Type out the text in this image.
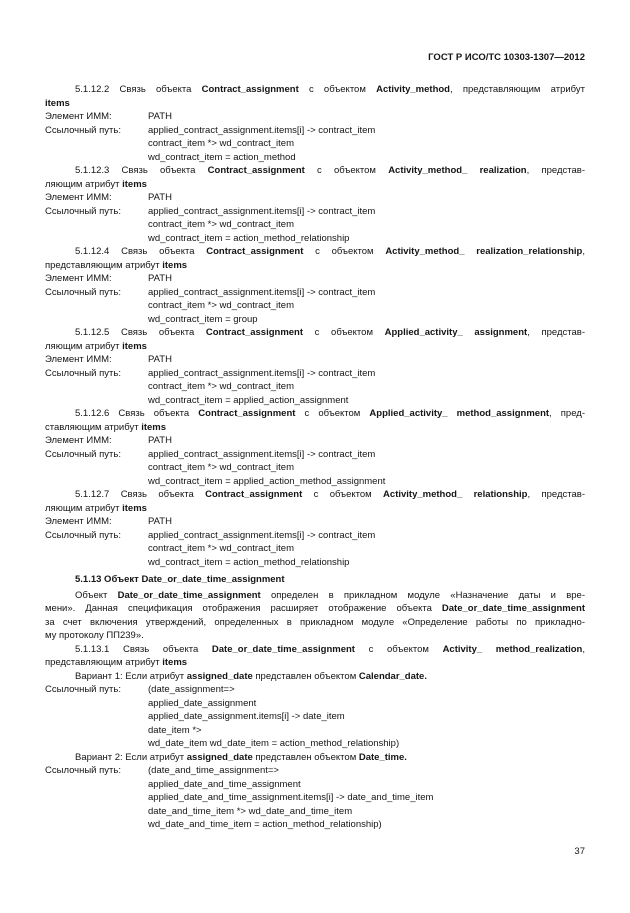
ГОСТ Р ИСО/ТС 10303-1307—2012
5.1.12.2 Связь объекта Contract_assignment с объектом Activity_method, представляющим атрибут
items
Элемент ИММ:	PATH
Ссылочный путь:	applied_contract_assignment.items[i] -> contract_item
contract_item *> wd_contract_item
wd_contract_item = action_method
5.1.12.3 Связь объекта Contract_assignment с объектом Activity_method_ realization, представ-
ляющим атрибут items
Элемент ИММ:	PATH
Ссылочный путь:	applied_contract_assignment.items[i] -> contract_item
contract_item *> wd_contract_item
wd_contract_item = action_method_relationship
5.1.12.4 Связь объекта Contract_assignment с объектом Activity_method_ realization_relationship,
представляющим атрибут items
Элемент ИММ:	PATH
Ссылочный путь:	applied_contract_assignment.items[i] -> contract_item
contract_item *> wd_contract_item
wd_contract_item = group
5.1.12.5 Связь объекта Contract_assignment с объектом Applied_activity_ assignment, представ-
ляющим атрибут items
Элемент ИММ:	PATH
Ссылочный путь:	applied_contract_assignment.items[i] -> contract_item
contract_item *> wd_contract_item
wd_contract_item = applied_action_assignment
5.1.12.6 Связь объекта Contract_assignment с объектом Applied_activity_ method_assignment, пред-
ставляющим атрибут items
Элемент ИММ:	PATH
Ссылочный путь:	applied_contract_assignment.items[i] -> contract_item
contract_item *> wd_contract_item
wd_contract_item = applied_action_method_assignment
5.1.12.7 Связь объекта Contract_assignment с объектом Activity_method_ relationship, представ-
ляющим атрибут items
Элемент ИММ:	PATH
Ссылочный путь:	applied_contract_assignment.items[i] -> contract_item
contract_item *> wd_contract_item
wd_contract_item = action_method_relationship
5.1.13 Объект Date_or_date_time_assignment
Объект Date_or_date_time_assignment определен в прикладном модуле «Назначение даты и вре-
мени». Данная спецификация отображения расширяет отображение объекта Date_or_date_time_assignment
за счет включения утверждений, определенных в прикладном модуле «Определение работы по прикладно-
му протоколу ПП239».
5.1.13.1 Связь объекта Date_or_date_time_assignment с объектом Activity_ method_realization,
представляющим атрибут items
Вариант 1: Если атрибут assigned_date представлен объектом Calendar_date.
Ссылочный путь:	(date_assignment=>
applied_date_assignment
applied_date_assignment.items[i] -> date_item
date_item *>
wd_date_item wd_date_item = action_method_relationship)
Вариант 2: Если атрибут assigned_date представлен объектом Date_time.
Ссылочный путь:	(date_and_time_assignment=>
applied_date_and_time_assignment
applied_date_and_time_assignment.items[i] -> date_and_time_item
date_and_time_item *> wd_date_and_time_item
wd_date_and_time_item = action_method_relationship)
37
